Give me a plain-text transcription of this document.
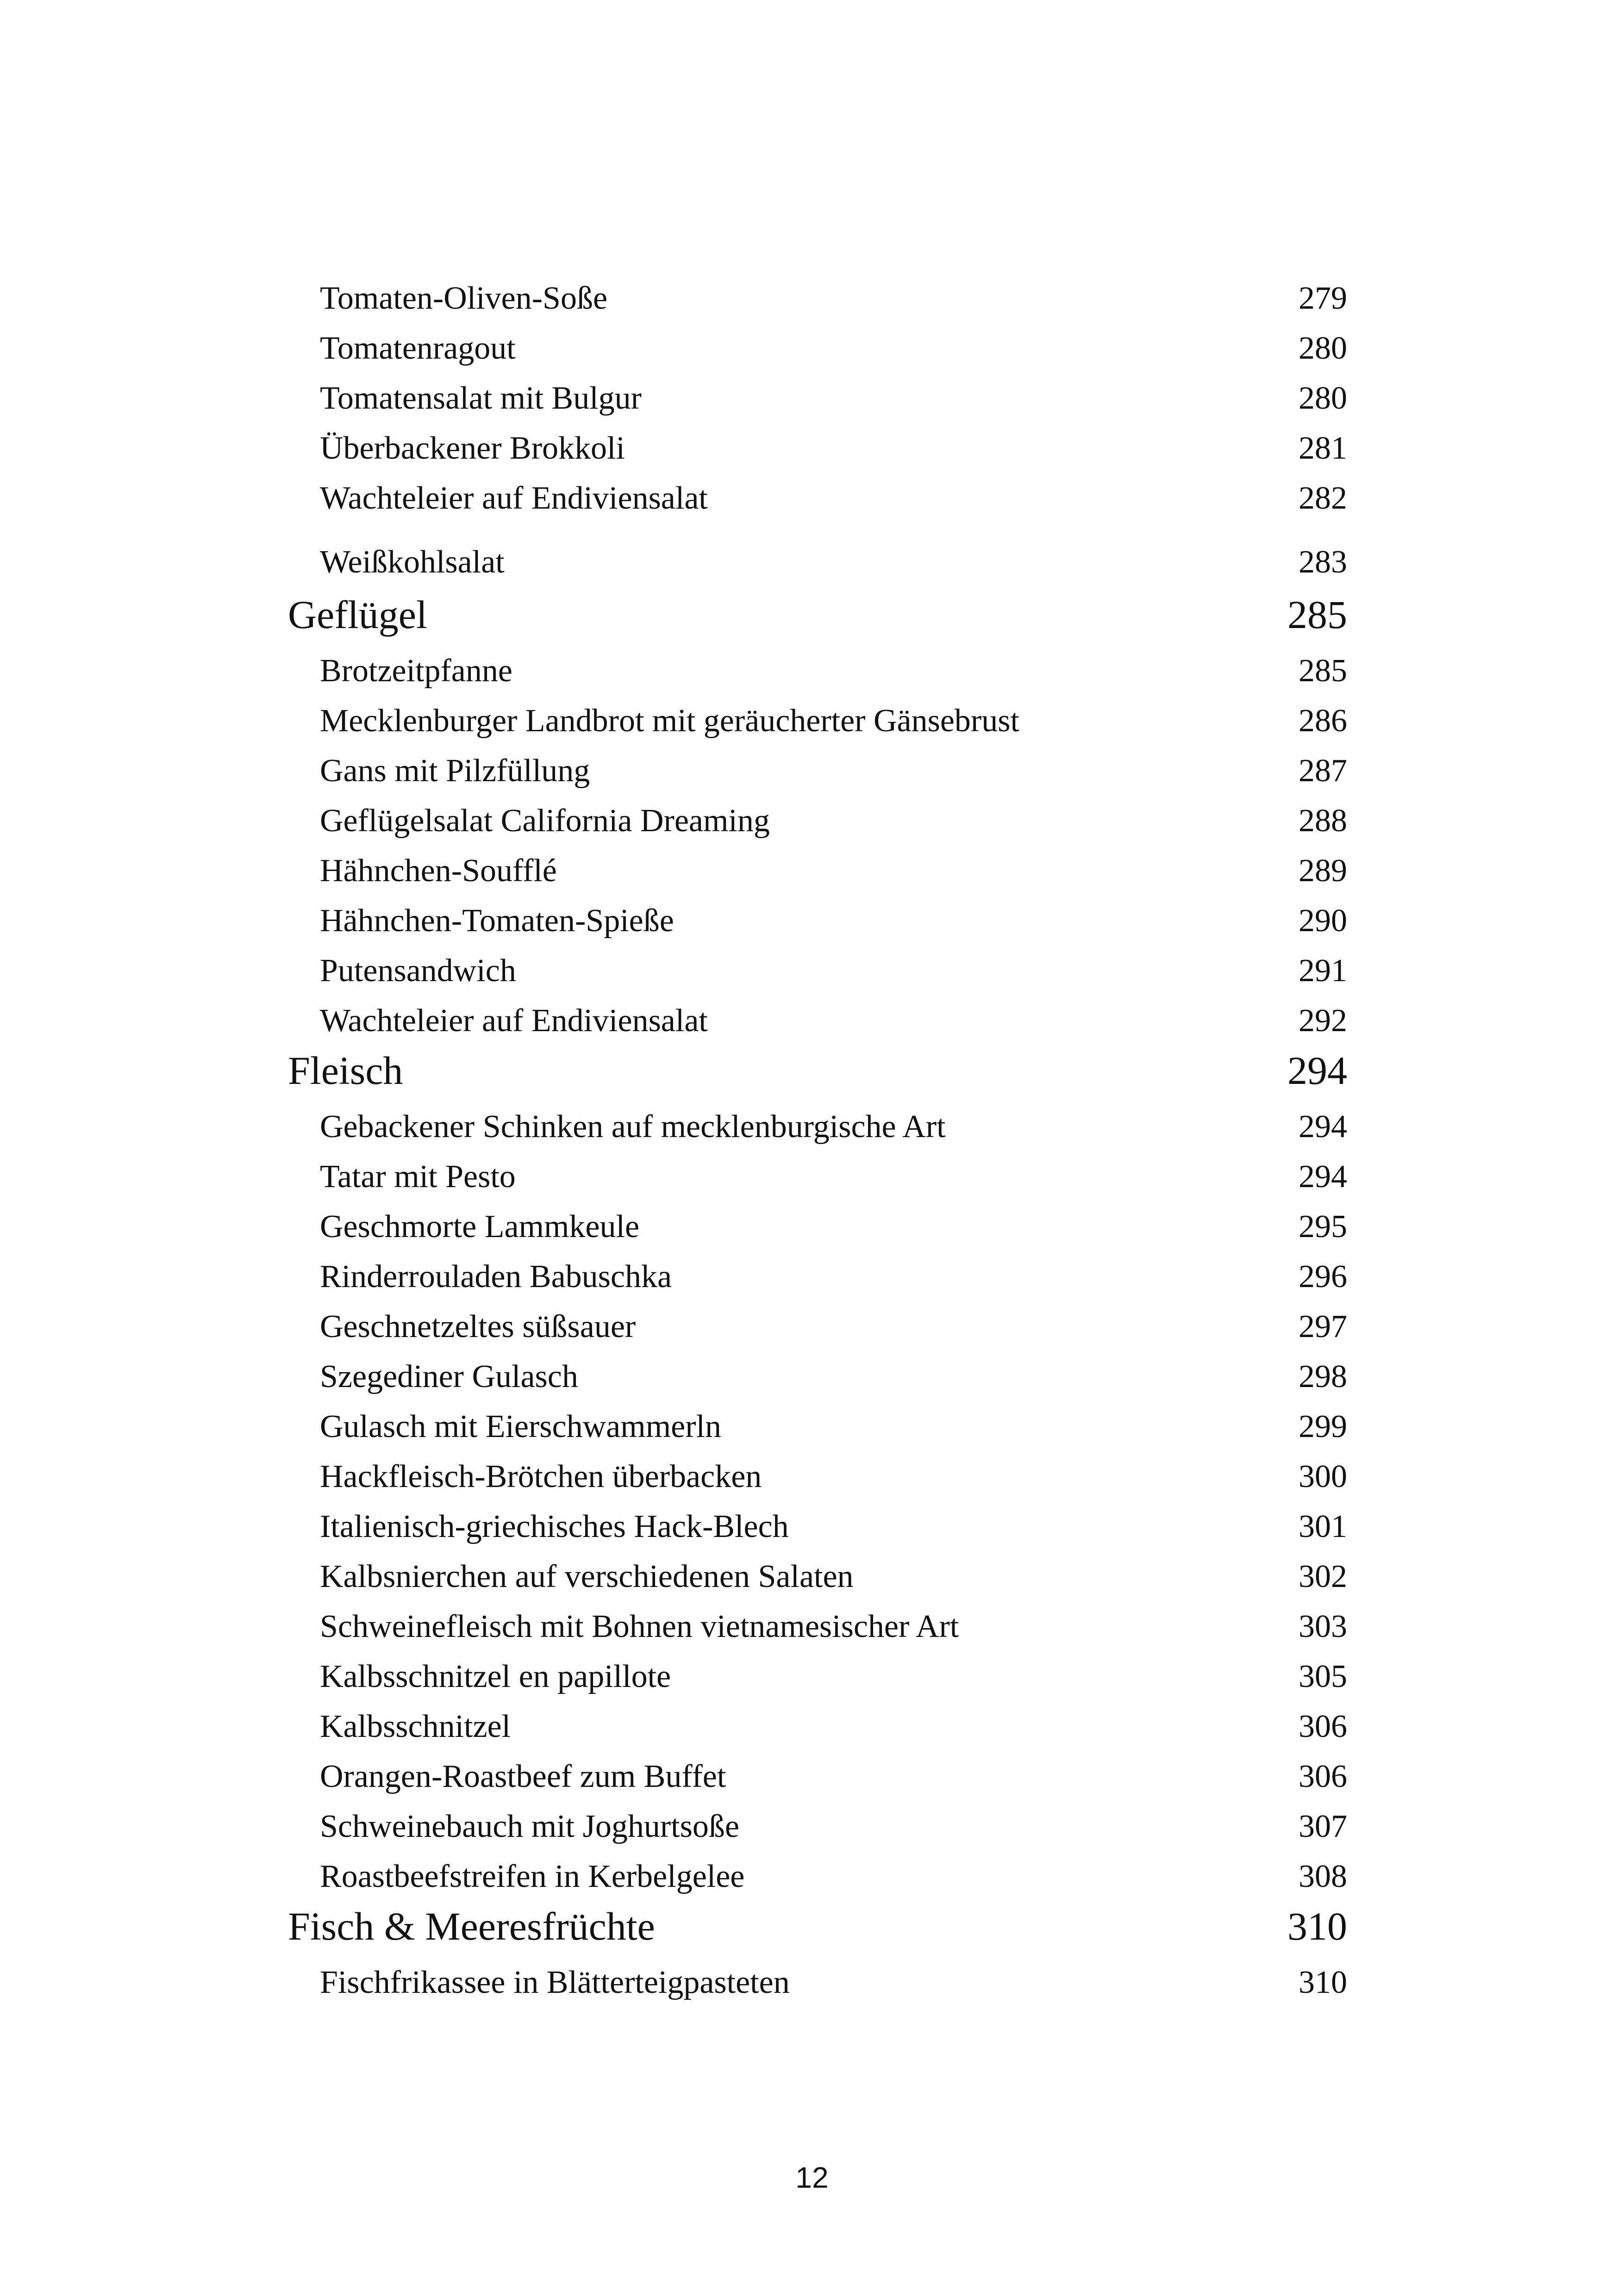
Tomaten-Oliven-Soße	279
Tomatenragout	280
Tomatensalat mit Bulgur	280
Überbackener Brokkoli	281
Wachteleier auf Endiviensalat	282
Weißkohlsalat	283
Geflügel	285
Brotzeitpfanne	285
Mecklenburger Landbrot mit geräucherter Gänsebrust	286
Gans mit Pilzfüllung	287
Geflügelsalat California Dreaming	288
Hähnchen-Soufflé	289
Hähnchen-Tomaten-Spieße	290
Putensandwich	291
Wachteleier auf Endiviensalat	292
Fleisch	294
Gebackener Schinken auf mecklenburgische Art	294
Tatar mit Pesto	294
Geschmorte Lammkeule	295
Rinderrouladen Babuschka	296
Geschnetzeltes süßsauer	297
Szegediner Gulasch	298
Gulasch mit Eierschwammerln	299
Hackfleisch-Brötchen überbacken	300
Italienisch-griechisches Hack-Blech	301
Kalbsnierchen auf verschiedenen Salaten	302
Schweinefleisch mit Bohnen vietnamesischer Art	303
Kalbsschnitzel en papillote	305
Kalbsschnitzel	306
Orangen-Roastbeef zum Buffet	306
Schweinebauch mit Joghurtsoße	307
Roastbeefstreifen in Kerbelgelee	308
Fisch & Meeresfrüchte	310
Fischfrikassee in Blätterteigpasteten	310
12
